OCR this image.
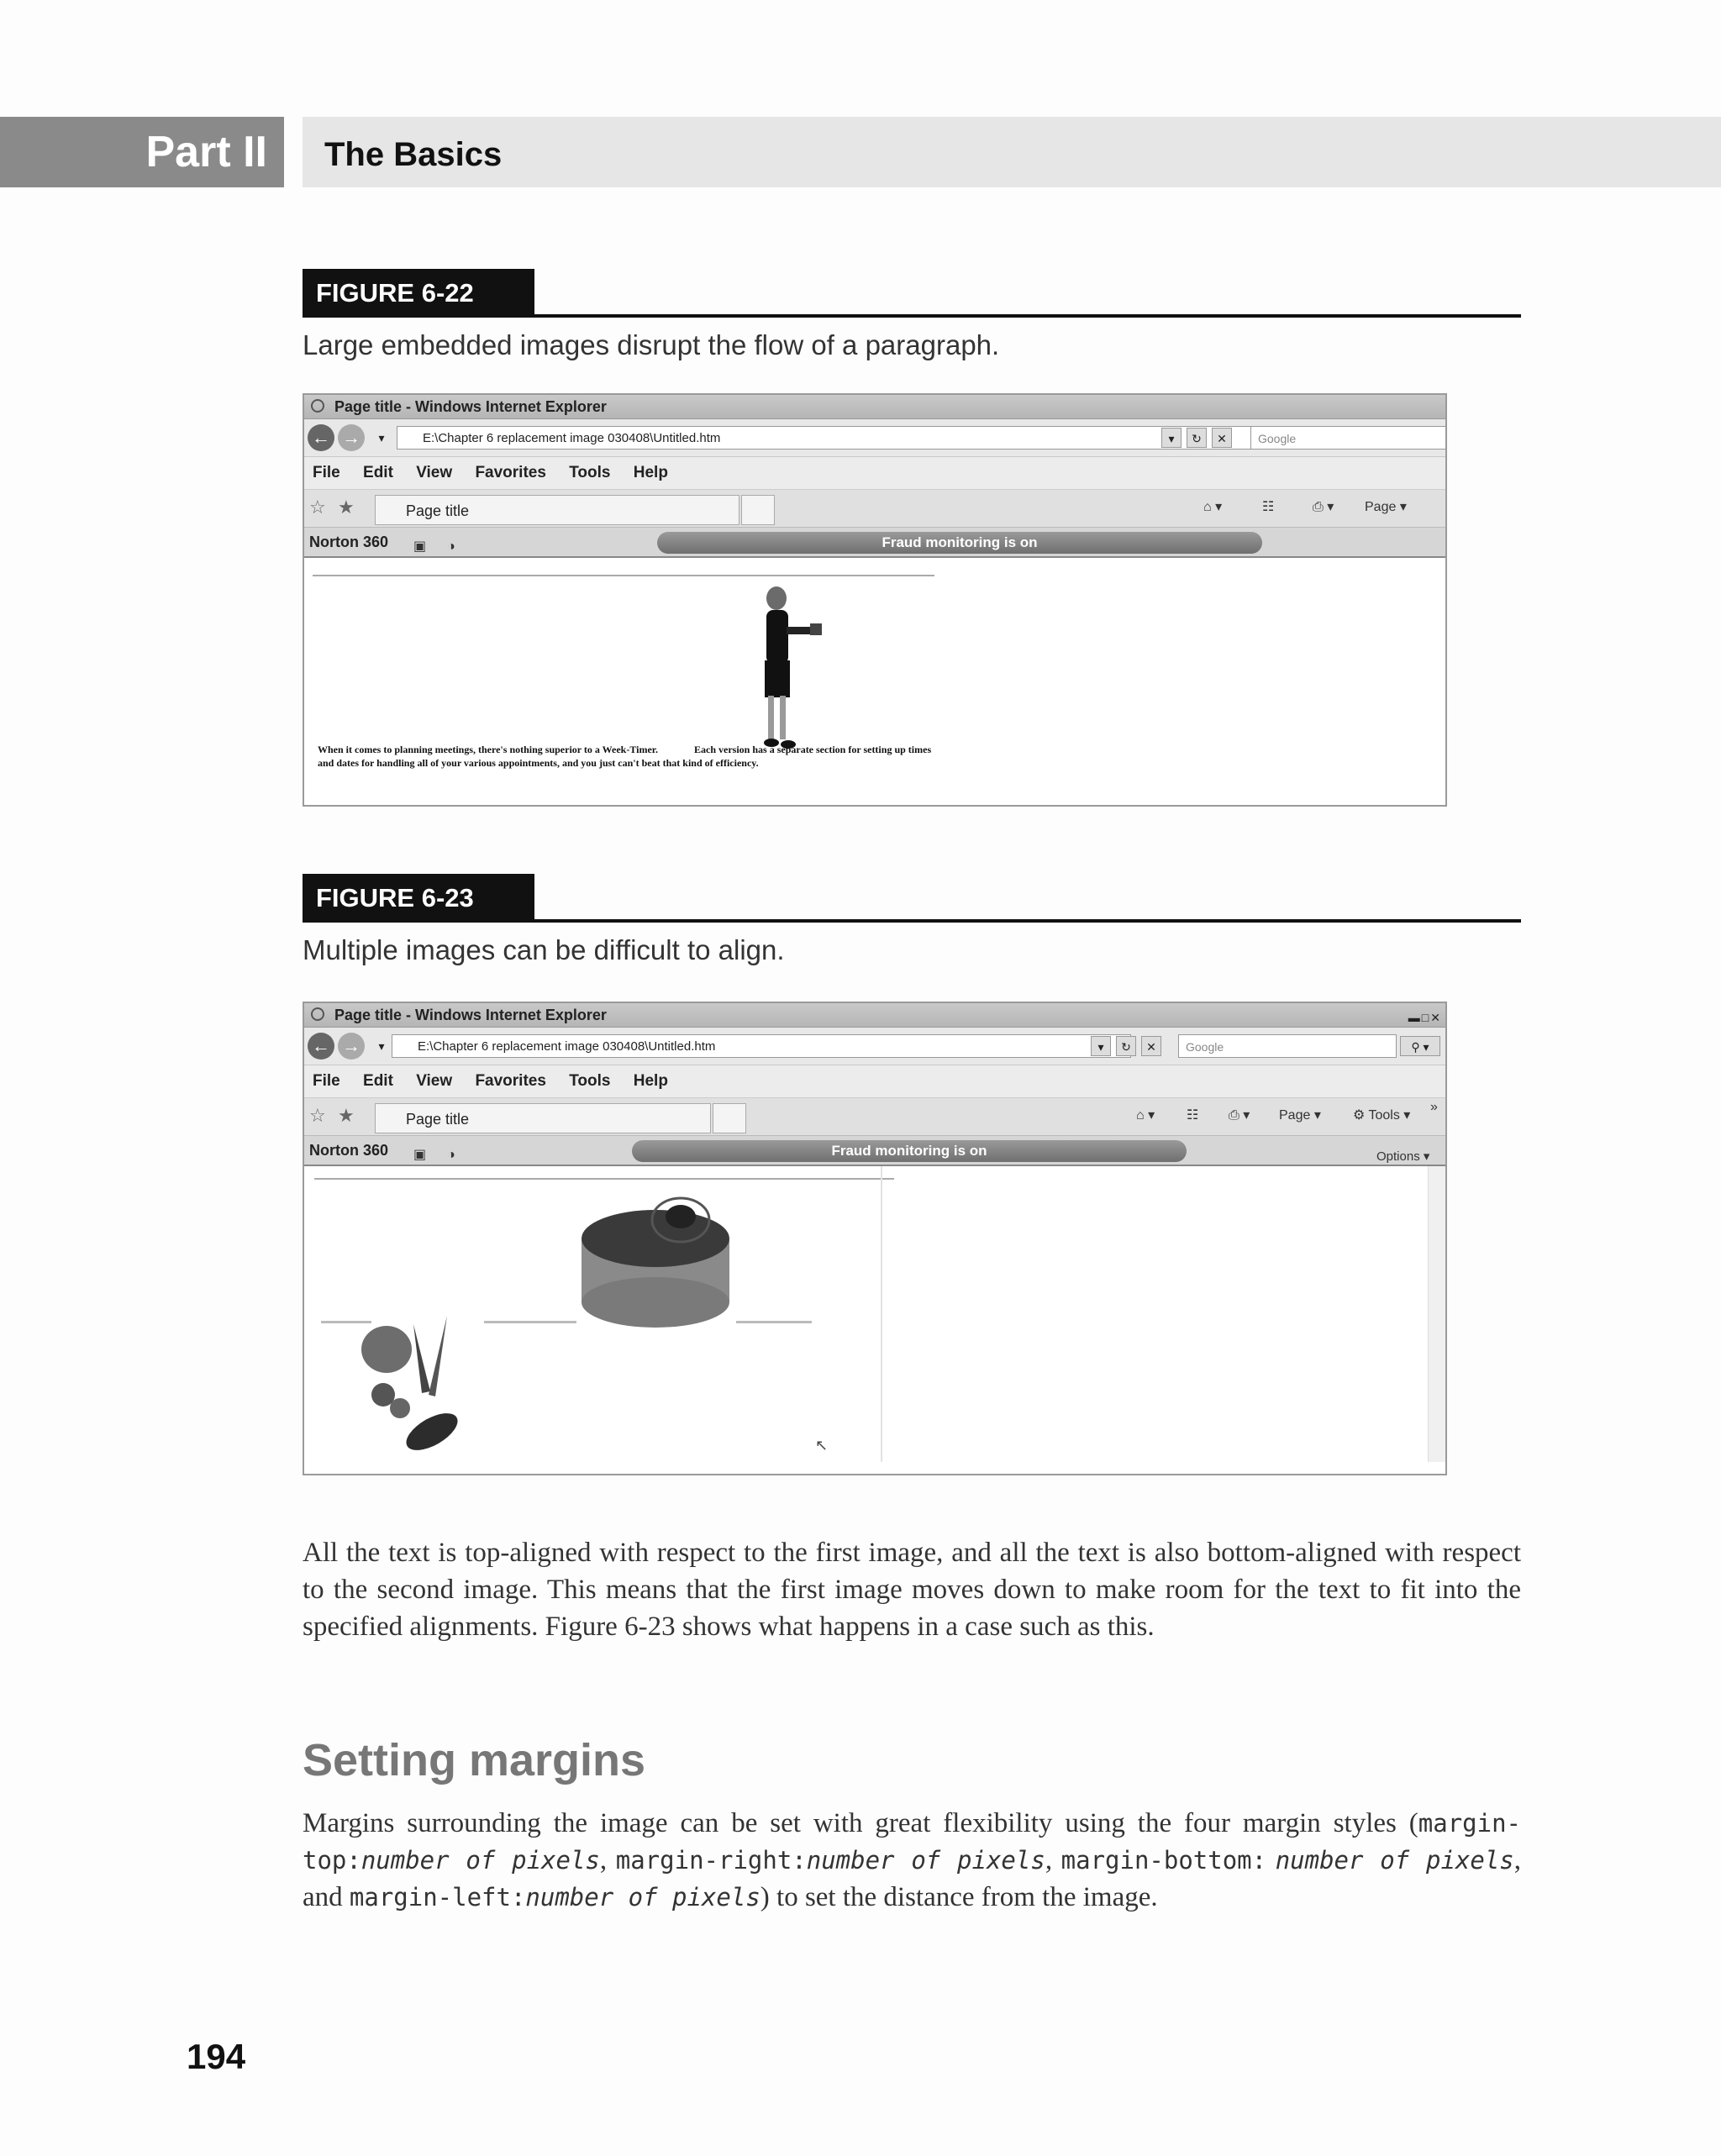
Part II The Basics
FIGURE 6-22
Large embedded images disrupt the flow of a paragraph.
Page title - Windows Internet Explorer
← →	▾	E:\Chapter 6 replacement image 030408\Untitled.htm	▾	↻	✕	Google
File Edit View Favorites Tools Help
☆ ★	Page title	⌂ ▾	☷	⎙ ▾ Page ▾
Norton 360 ▣ ◑	Fraud monitoring is on
When it comes to planning meetings, there's nothing superior to a Week-Timer.	Each version has a separate section for setting up times and dates for handling all of your various appointments, and you just can't beat that kind of efficiency.
FIGURE 6-23
Multiple images can be difficult to align.
Page title - Windows Internet Explorer	▬□✕
← →	▾	E:\Chapter 6 replacement image 030408\Untitled.htm	▾	↻	✕	Google	⚲ ▾
File Edit View Favorites Tools Help
☆ ★	Page title	⌂ ▾ ☷ ⎙ ▾ Page ▾ ⚙ Tools ▾
»
Norton 360 ▣ ◑	Fraud monitoring is on	Options ▾
↖
All the text is top-aligned with respect to the first image, and all the text is also bottom-aligned with respect to the second image. This means that the first image moves down to make room for the text to fit into the specified alignments. Figure 6-23 shows what happens in a case such as this.
Setting margins
Margins surrounding the image can be set with great flexibility using the four margin styles (margin-top:number of pixels, margin-right:number of pixels, margin-bottom: number of pixels, and margin-left:number of pixels) to set the distance from the image.
194
